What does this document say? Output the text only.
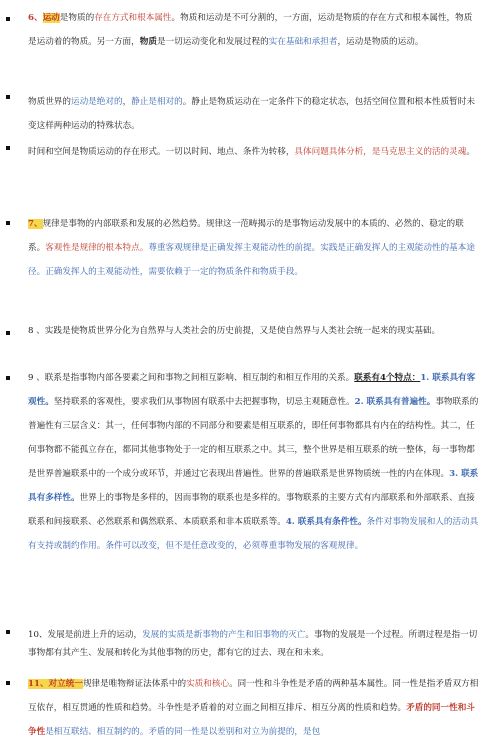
6、运动是物质的存在方式和根本属性。物质和运动是不可分割的，一方面，运动是物质的存在方式和根本属性，物质是运动着的物质。另一方面，物质是一切运动变化和发展过程的实在基础和承担者，运动是物质的运动。
物质世界的运动是绝对的，静止是相对的。静止是物质运动在一定条件下的稳定状态，包括空间位置和根本性质暂时未变这样两种运动的特殊状态。
时间和空间是物质运动的存在形式。一切以时间、地点、条件为转移，具体问题具体分析，是马克思主义的活的灵魂。
7、规律是事物的内部联系和发展的必然趋势。规律这一范畴揭示的是事物运动发展中的本质的、必然的、稳定的联系。客观性是规律的根本特点。尊重客观规律是正确发挥主观能动性的前提。实践是正确发挥人的主观能动性的基本途径。正确发挥人的主观能动性，需要依赖于一定的物质条件和物质手段。
8 、实践是使物质世界分化为自然界与人类社会的历史前提，又是使自然界与人类社会统一起来的现实基础。
9 、联系是指事物内部各要素之间和事物之间相互影响、相互制约和相互作用的关系。联系有4个特点：1. 联系具有客观性。坚持联系的客观性，要求我们从事物固有联系中去把握事物，切忌主观随意性。2. 联系具有普遍性。事物联系的普遍性有三层含义：其一，任何事物内部的不同部分和要素是相互联系的，即任何事物都具有内在的结构性。其二，任何事物都不能孤立存在，都同其他事物处于一定的相互联系之中。其三，整个世界是相互联系的统一整体，每一事物都是世界普遍联系中的一个成分或环节，并通过它表现出普遍性。世界的普遍联系是世界物质统一性的内在体现。3. 联系具有多样性。世界上的事物是多样的，因而事物的联系也是多样的。事物联系的主要方式有内部联系和外部联系、直接联系和间接联系、必然联系和偶然联系、本质联系和非本质联系等。4. 联系具有条件性。条件对事物发展和人的活动具有支持或制约作用。条件可以改变，但不是任意改变的，必须尊重事物发展的客观规律。
10、发展是前进上升的运动，发展的实质是新事物的产生和旧事物的灭亡。事物的发展是一个过程。所谓过程是指一切事物都有其产生、发展和转化为其他事物的历史，都有它的过去、现在和未来。
11、对立统一规律是唯物辩证法体系中的实质和核心。同一性和斗争性是矛盾的两种基本属性。同一性是指矛盾双方相互依存，相互贯通的性质和趋势。斗争性是矛盾着的对立面之间相互排斥、相互分离的性质和趋势。矛盾的同一性和斗争性是相互联结、相互制约的。矛盾的同一性是以差别和对立为前提的，是包
